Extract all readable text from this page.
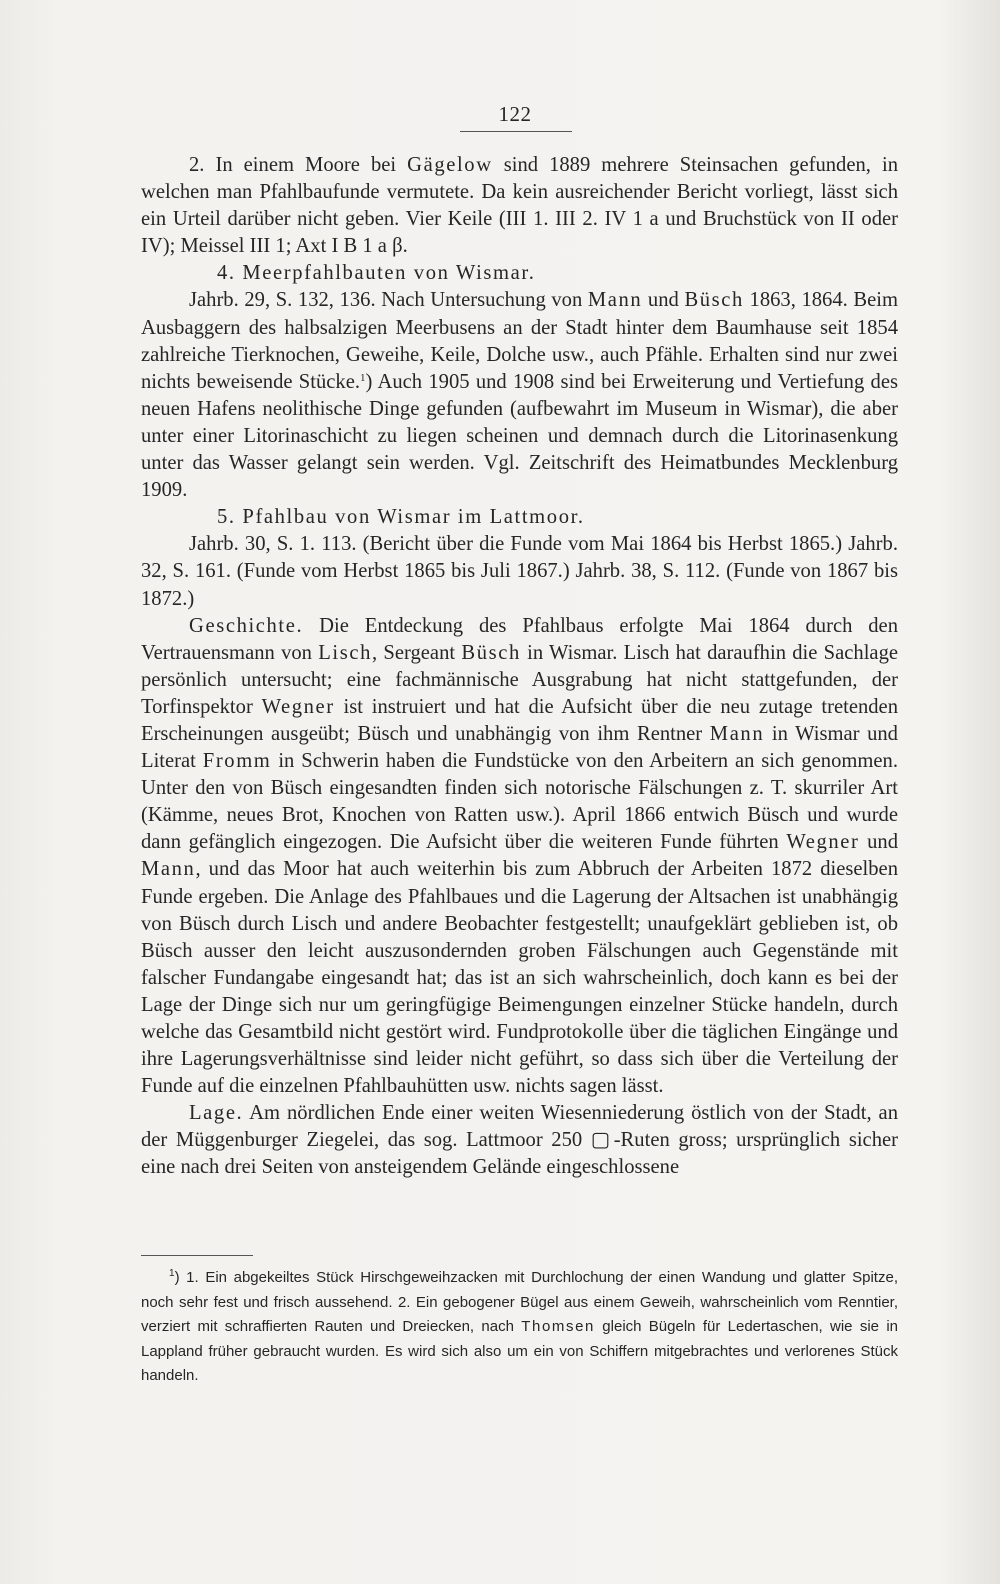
122

2. In einem Moore bei Gägelow sind 1889 mehrere Steinsachen gefunden, in welchen man Pfahlbaufunde vermutete. Da kein ausreichender Bericht vorliegt, lässt sich ein Urteil darüber nicht geben. Vier Keile (III 1. III 2. IV 1 a und Bruchstück von II oder IV); Meissel III 1; Axt I B 1 a β.

4. Meerpfahlbauten von Wismar.

Jahrb. 29, S. 132, 136. Nach Untersuchung von Mann und Büsch 1863, 1864. Beim Ausbaggern des halbsalzigen Meerbusens an der Stadt hinter dem Baumhause seit 1854 zahlreiche Tierknochen, Geweihe, Keile, Dolche usw., auch Pfähle. Erhalten sind nur zwei nichts beweisende Stücke.$^1$) Auch 1905 und 1908 sind bei Erweiterung und Vertiefung des neuen Hafens neolithische Dinge gefunden (aufbewahrt im Museum in Wismar), die aber unter einer Litorinaschicht zu liegen scheinen und demnach durch die Litorinasenkung unter das Wasser gelangt sein werden. Vgl. Zeitschrift des Heimatbundes Mecklenburg 1909.

5. Pfahlbau von Wismar im Lattmoor.

Jahrb. 30, S. 1. 113. (Bericht über die Funde vom Mai 1864 bis Herbst 1865.) Jahrb. 32, S. 161. (Funde vom Herbst 1865 bis Juli 1867.) Jahrb. 38, S. 112. (Funde von 1867 bis 1872.)

Geschichte. Die Entdeckung des Pfahlbaus erfolgte Mai 1864 durch den Vertrauensmann von Lisch, Sergeant Büsch in Wismar. Lisch hat daraufhin die Sachlage persönlich untersucht; eine fachmännische Ausgrabung hat nicht stattgefunden, der Torfinspektor Wegner ist instruiert und hat die Aufsicht über die neu zutage tretenden Erscheinungen ausgeübt; Büsch und unabhängig von ihm Rentner Mann in Wismar und Literat Fromm in Schwerin haben die Fundstücke von den Arbeitern an sich genommen. Unter den von Büsch eingesandten finden sich notorische Fälschungen z. T. skurriler Art (Kämme, neues Brot, Knochen von Ratten usw.). April 1866 entwich Büsch und wurde dann gefänglich eingezogen. Die Aufsicht über die weiteren Funde führten Wegner und Mann, und das Moor hat auch weiterhin bis zum Abbruch der Arbeiten 1872 dieselben Funde ergeben. Die Anlage des Pfahlbaues und die Lagerung der Altsachen ist unabhängig von Büsch durch Lisch und andere Beobachter festgestellt; unaufgeklärt geblieben ist, ob Büsch ausser den leicht auszusondernden groben Fälschungen auch Gegenstände mit falscher Fundangabe eingesandt hat; das ist an sich wahrscheinlich, doch kann es bei der Lage der Dinge sich nur um geringfügige Beimengungen einzelner Stücke handeln, durch welche das Gesamtbild nicht gestört wird. Fundprotokolle über die täglichen Eingänge und ihre Lagerungsverhältnisse sind leider nicht geführt, so dass sich über die Verteilung der Funde auf die einzelnen Pfahlbauhütten usw. nichts sagen lässt.

Lage. Am nördlichen Ende einer weiten Wiesenniederung östlich von der Stadt, an der Müggenburger Ziegelei, das sog. Lattmoor 250 ▢-Ruten gross; ursprünglich sicher eine nach drei Seiten von ansteigendem Gelände eingeschlossene

$^1$) 1. Ein abgekeiltes Stück Hirschgeweihzacken mit Durchlochung der einen Wandung und glatter Spitze, noch sehr fest und frisch aussehend. 2. Ein gebogener Bügel aus einem Geweih, wahrscheinlich vom Renntier, verziert mit schraffierten Rauten und Dreiecken, nach Thomsen gleich Bügeln für Ledertaschen, wie sie in Lappland früher gebraucht wurden. Es wird sich also um ein von Schiffern mitgebrachtes und verlorenes Stück handeln.
